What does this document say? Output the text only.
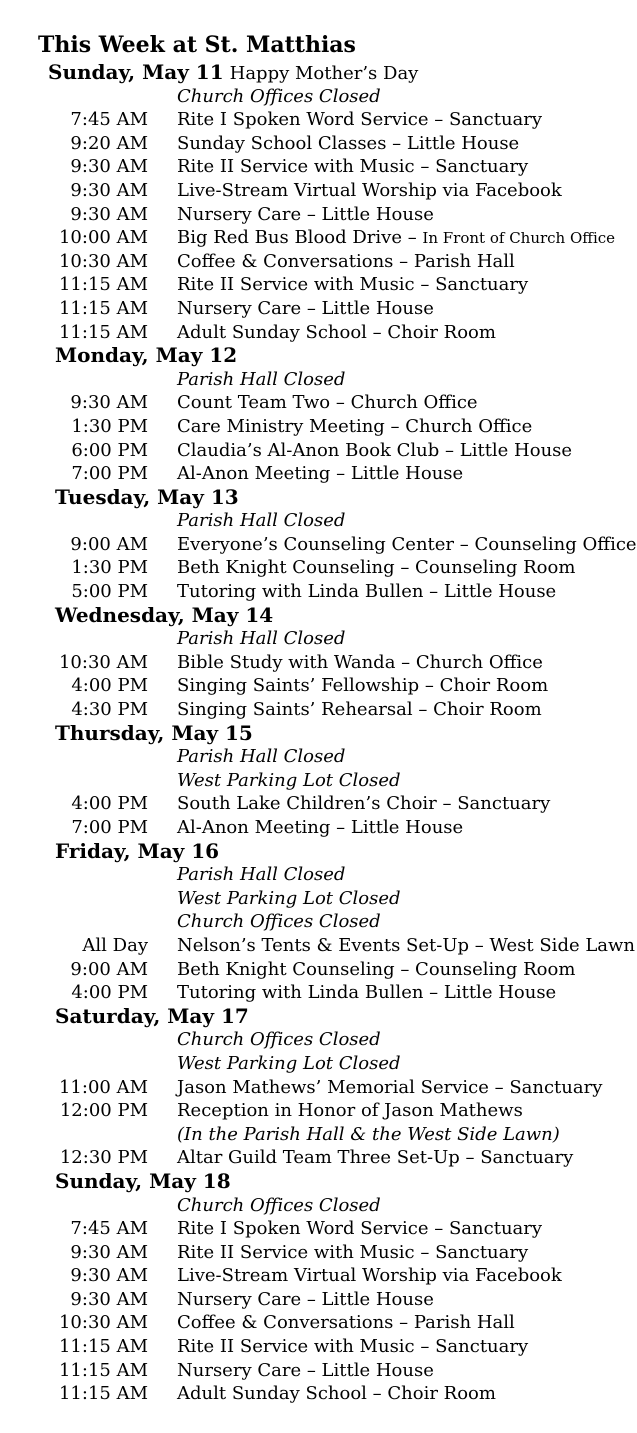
This Week at St. Matthias
Sunday, May 11 Happy Mother’s Day
Church Offices Closed
7:45 AM Rite I Spoken Word Service – Sanctuary
9:20 AM Sunday School Classes – Little House
9:30 AM Rite II Service with Music – Sanctuary
9:30 AM Live-Stream Virtual Worship via Facebook
9:30 AM Nursery Care – Little House
10:00 AM Big Red Bus Blood Drive – In Front of Church Office
10:30 AM Coffee & Conversations – Parish Hall
11:15 AM Rite II Service with Music – Sanctuary
11:15 AM Nursery Care – Little House
11:15 AM Adult Sunday School – Choir Room
Monday, May 12
Parish Hall Closed
9:30 AM Count Team Two – Church Office
1:30 PM Care Ministry Meeting – Church Office
6:00 PM Claudia’s Al-Anon Book Club – Little House
7:00 PM Al-Anon Meeting – Little House
Tuesday, May 13
Parish Hall Closed
9:00 AM Everyone’s Counseling Center – Counseling Office
1:30 PM Beth Knight Counseling – Counseling Room
5:00 PM Tutoring with Linda Bullen – Little House
Wednesday, May 14
Parish Hall Closed
10:30 AM Bible Study with Wanda – Church Office
4:00 PM Singing Saints’ Fellowship – Choir Room
4:30 PM Singing Saints’ Rehearsal – Choir Room
Thursday, May 15
Parish Hall Closed
West Parking Lot Closed
4:00 PM South Lake Children’s Choir – Sanctuary
7:00 PM Al-Anon Meeting – Little House
Friday, May 16
Parish Hall Closed
West Parking Lot Closed
Church Offices Closed
All Day Nelson’s Tents & Events Set-Up – West Side Lawn
9:00 AM Beth Knight Counseling – Counseling Room
4:00 PM Tutoring with Linda Bullen – Little House
Saturday, May 17
Church Offices Closed
West Parking Lot Closed
11:00 AM Jason Mathews’ Memorial Service – Sanctuary
12:00 PM Reception in Honor of Jason Mathews
(In the Parish Hall & the West Side Lawn)
12:30 PM Altar Guild Team Three Set-Up – Sanctuary
Sunday, May 18
Church Offices Closed
7:45 AM Rite I Spoken Word Service – Sanctuary
9:30 AM Rite II Service with Music – Sanctuary
9:30 AM Live-Stream Virtual Worship via Facebook
9:30 AM Nursery Care – Little House
10:30 AM Coffee & Conversations – Parish Hall
11:15 AM Rite II Service with Music – Sanctuary
11:15 AM Nursery Care – Little House
11:15 AM Adult Sunday School – Choir Room
